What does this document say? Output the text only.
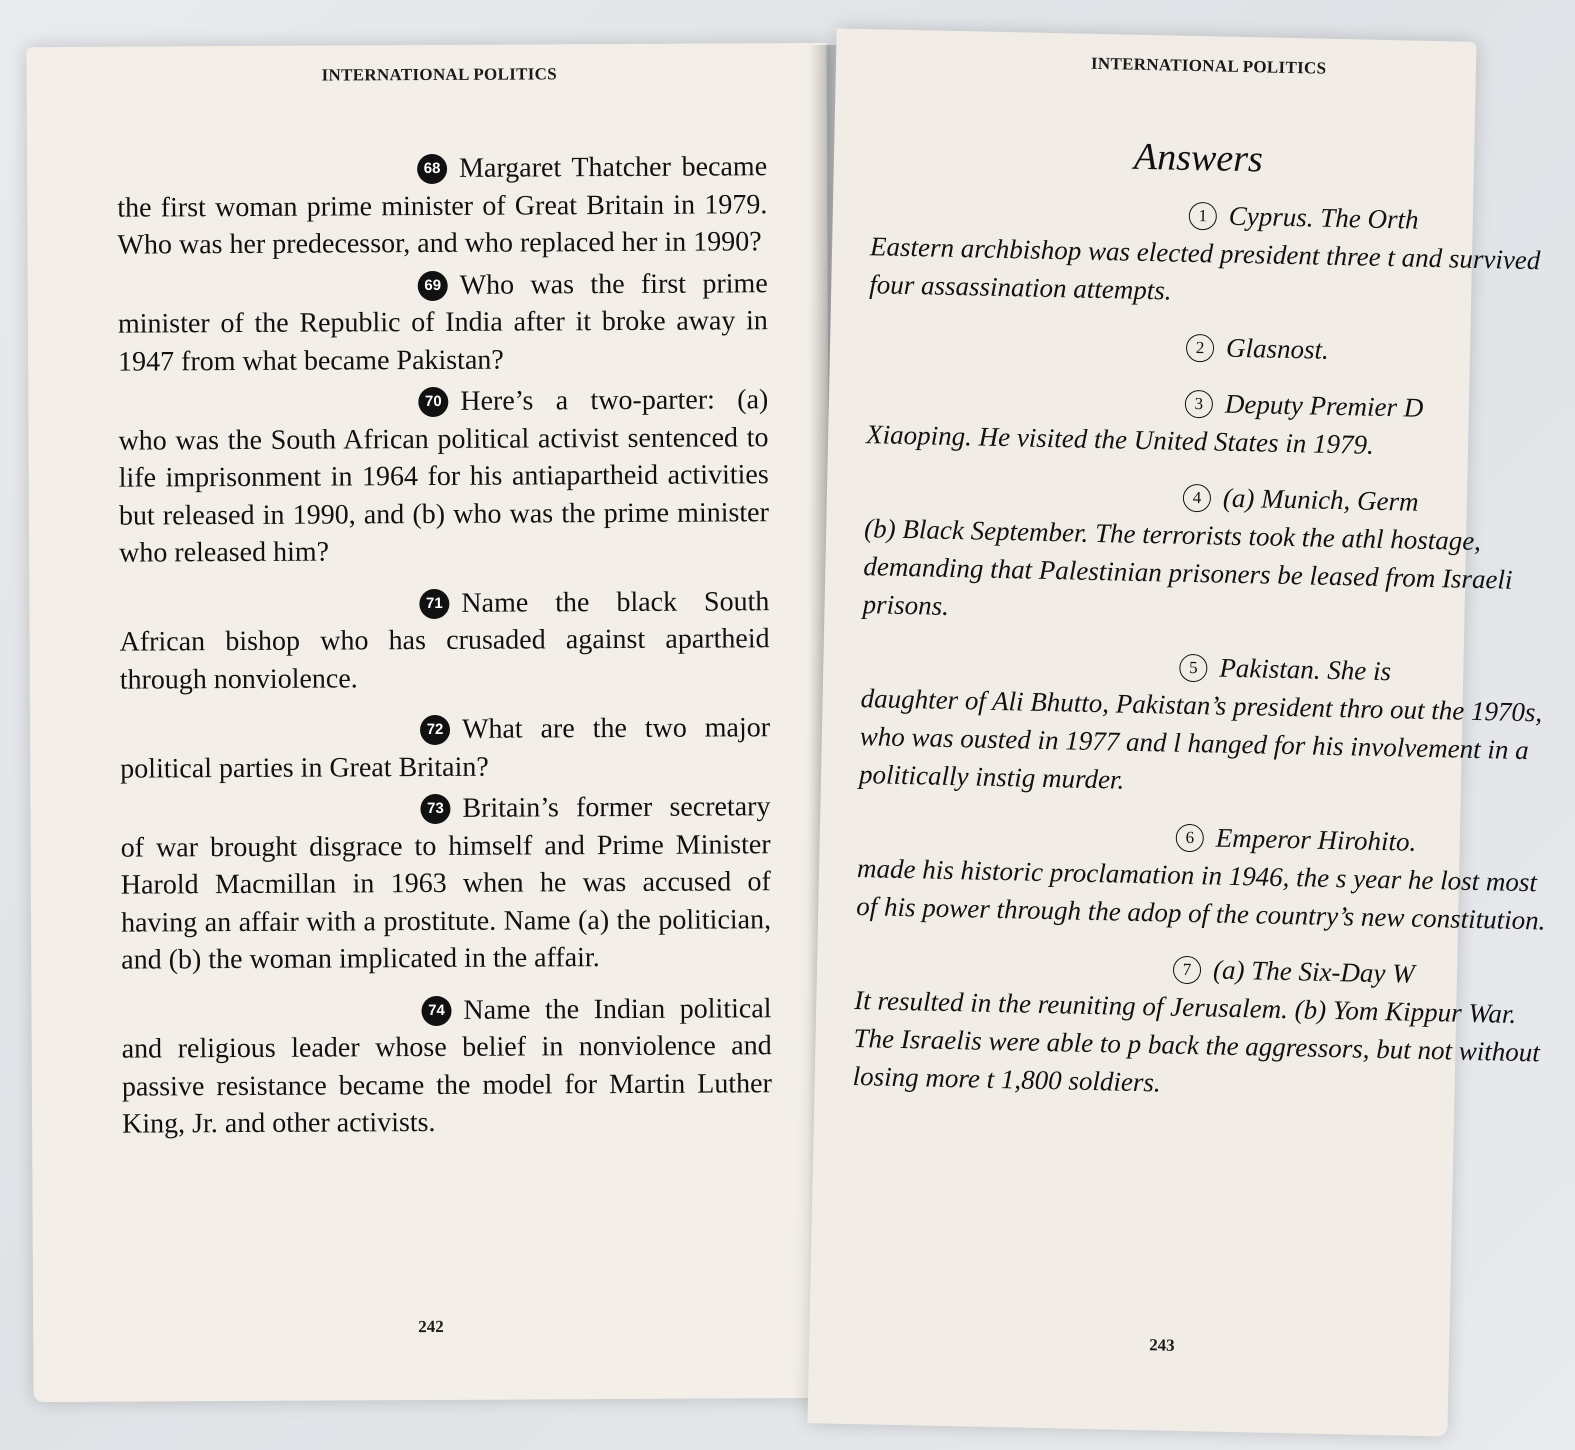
INTERNATIONAL POLITICS
68 Margaret Thatcher became the first woman prime minister of Great Britain in 1979. Who was her predecessor, and who replaced her in 1990?
69 Who was the first prime minister of the Republic of India after it broke away in 1947 from what became Pakistan?
70 Here’s a two-parter: (a) who was the South African political activist sentenced to life imprisonment in 1964 for his antiapartheid activities but released in 1990, and (b) who was the prime minister who released him?
71 Name the black South African bishop who has crusaded against apartheid through nonviolence.
72 What are the two major political parties in Great Britain?
73 Britain’s former secretary of war brought disgrace to himself and Prime Minister Harold Macmillan in 1963 when he was accused of having an affair with a prostitute. Name (a) the politician, and (b) the woman implicated in the affair.
74 Name the Indian political and religious leader whose belief in nonviolence and passive resistance became the model for Martin Luther King, Jr. and other activists.
242
INTERNATIONAL POLITICS
Answers
1 Cyprus. The Orth
Eastern archbishop was elected president three t and survived four assassination attempts.
2 Glasnost.
3 Deputy Premier D
Xiaoping. He visited the United States in 1979.
4 (a) Munich, Germ
(b) Black September. The terrorists took the athl hostage, demanding that Palestinian prisoners be leased from Israeli prisons.
5 Pakistan. She is
daughter of Ali Bhutto, Pakistan’s president thro out the 1970s, who was ousted in 1977 and l hanged for his involvement in a politically instig murder.
6 Emperor Hirohito.
made his historic proclamation in 1946, the s year he lost most of his power through the adop of the country’s new constitution.
7 (a) The Six-Day W
It resulted in the reuniting of Jerusalem. (b) Yom Kippur War. The Israelis were able to p back the aggressors, but not without losing more t 1,800 soldiers.
243
